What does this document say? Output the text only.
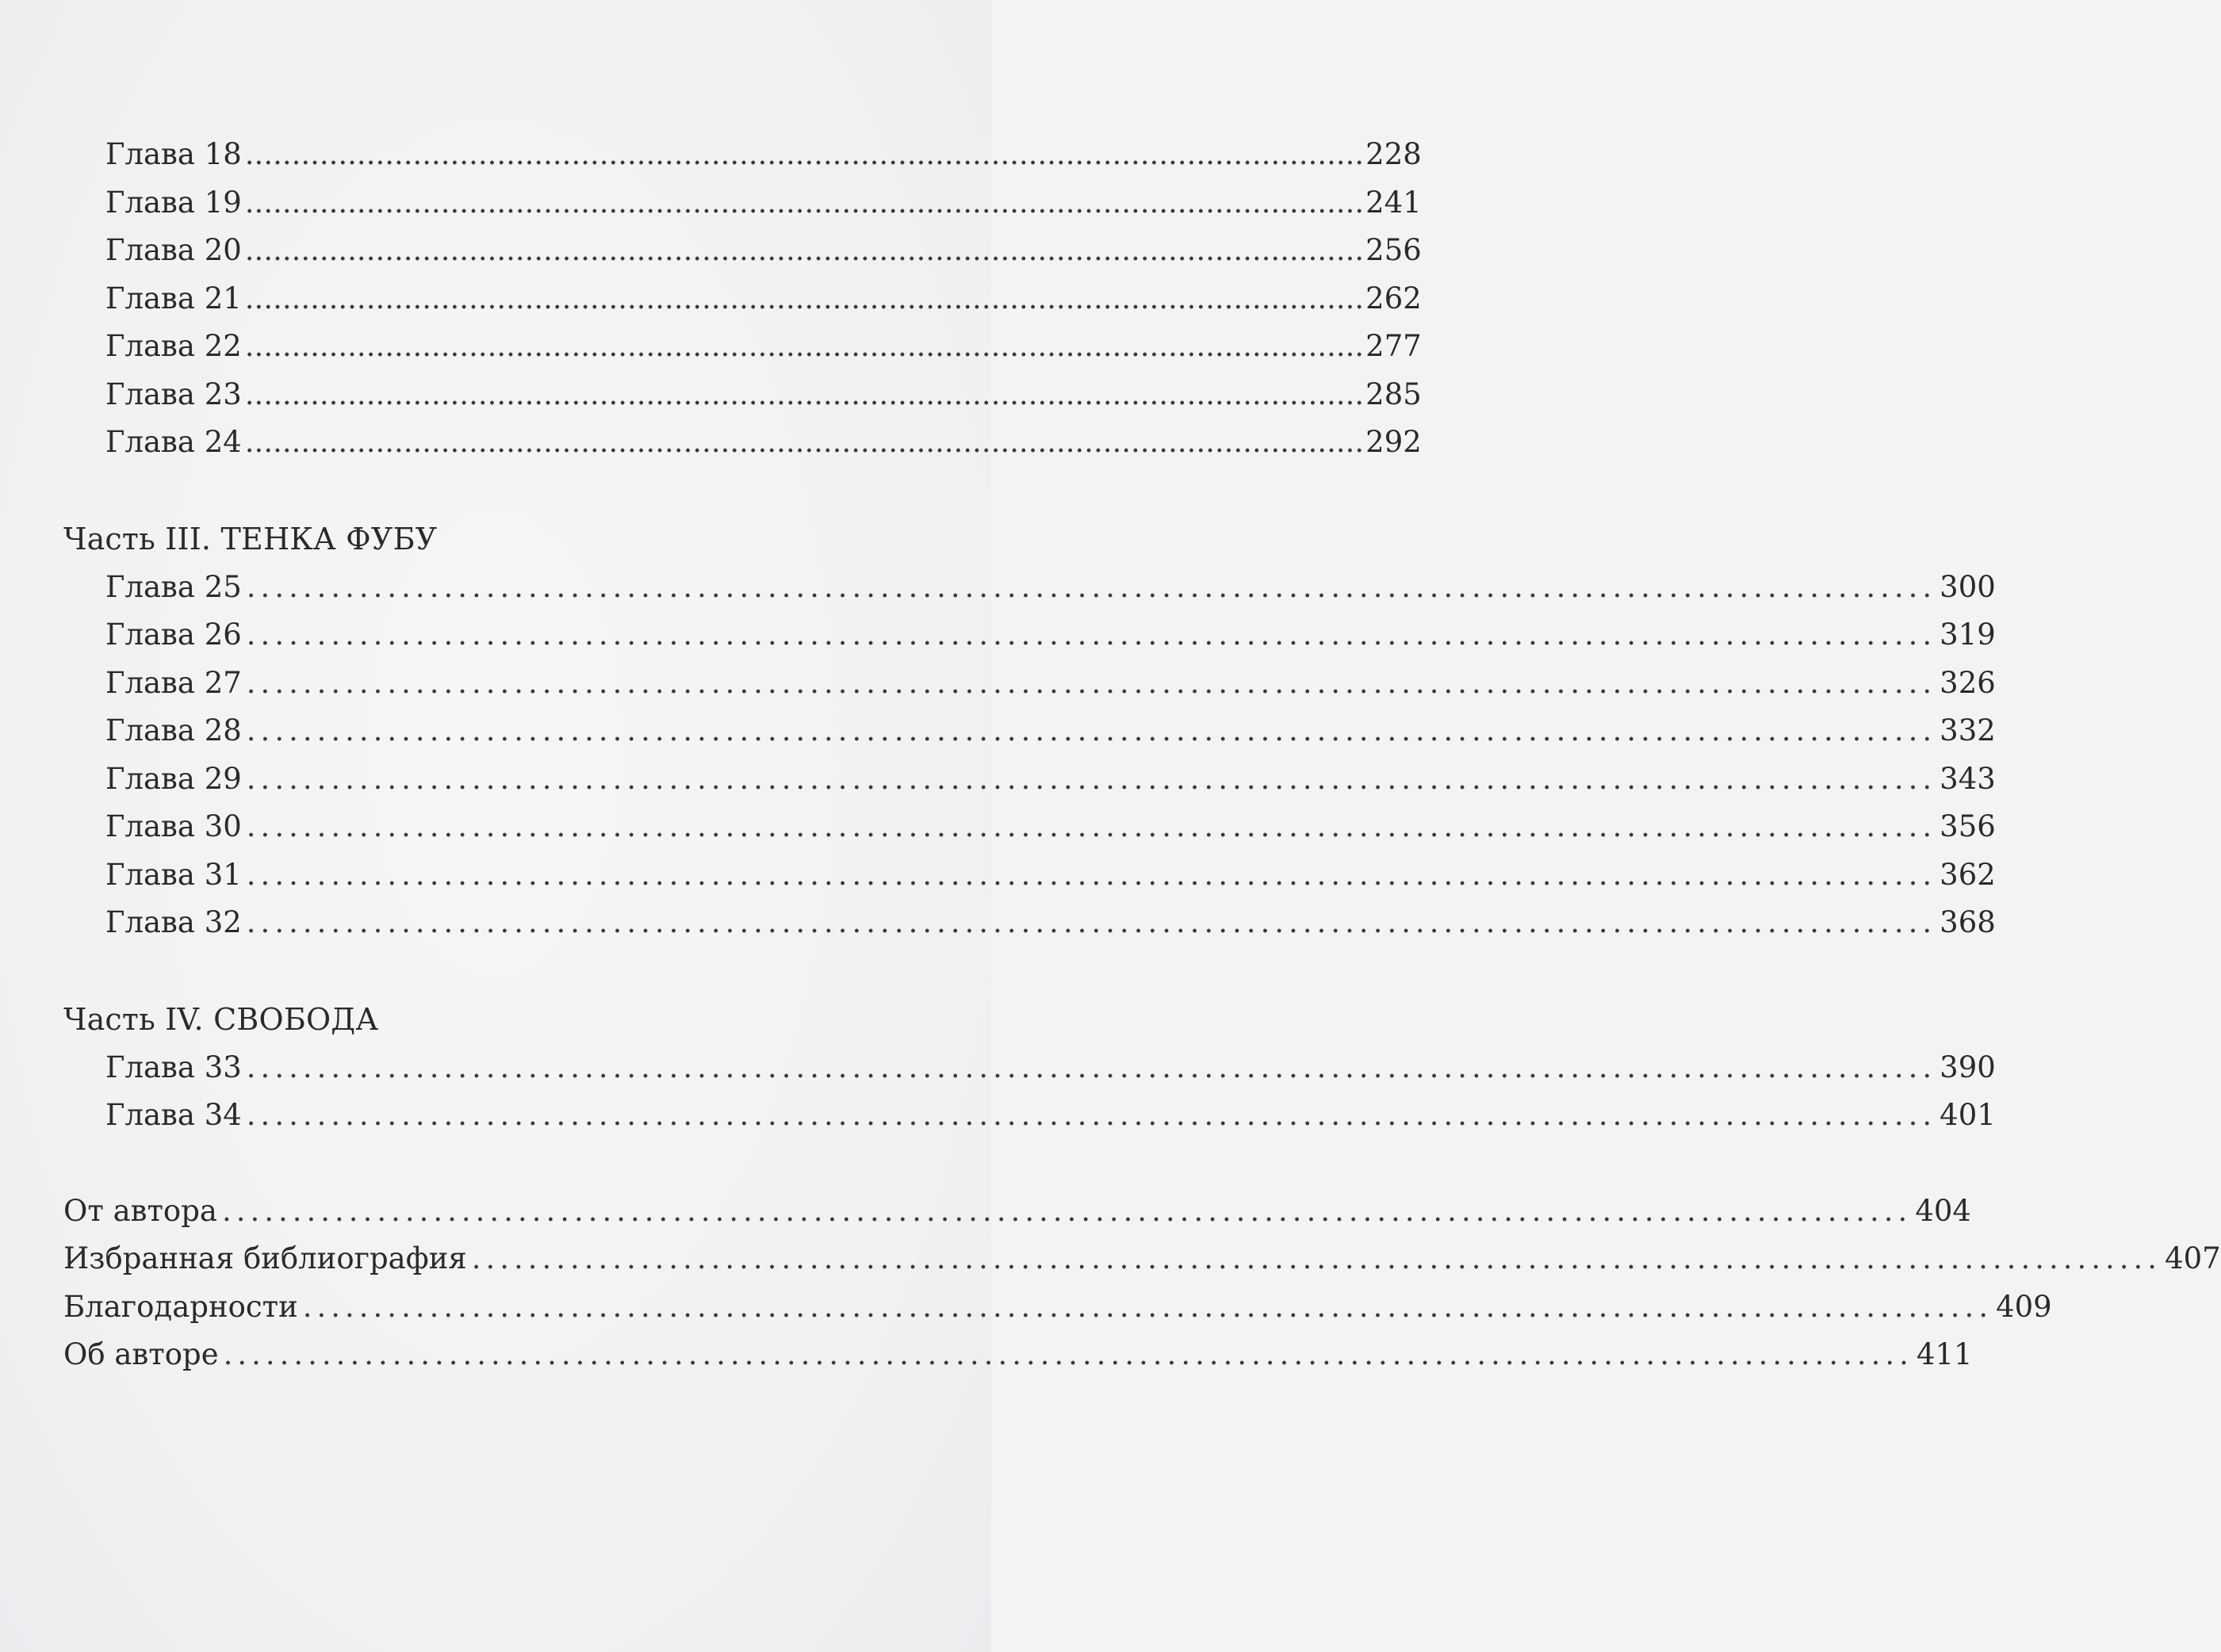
Глава 18 ........................................................................................................................ 228
Глава 19 ........................................................................................................................ 241
Глава 20 ........................................................................................................................ 256
Глава 21 ........................................................................................................................ 262
Глава 22 ........................................................................................................................ 277
Глава 23 ........................................................................................................................ 285
Глава 24 ........................................................................................................................ 292
Часть III. ТЕНКА ФУБУ
Глава 25 ........................................................................................................................ 300
Глава 26 ........................................................................................................................ 319
Глава 27 ........................................................................................................................ 326
Глава 28 ........................................................................................................................ 332
Глава 29 ........................................................................................................................ 343
Глава 30 ........................................................................................................................ 356
Глава 31 ........................................................................................................................ 362
Глава 32 ........................................................................................................................ 368
Часть IV. СВОБОДА
Глава 33 ........................................................................................................................ 390
Глава 34 ........................................................................................................................ 401
От автора ........................................................................................................................ 404
Избранная библиография ........................................................................................................................ 407
Благодарности ........................................................................................................................ 409
Об авторе ........................................................................................................................ 411
